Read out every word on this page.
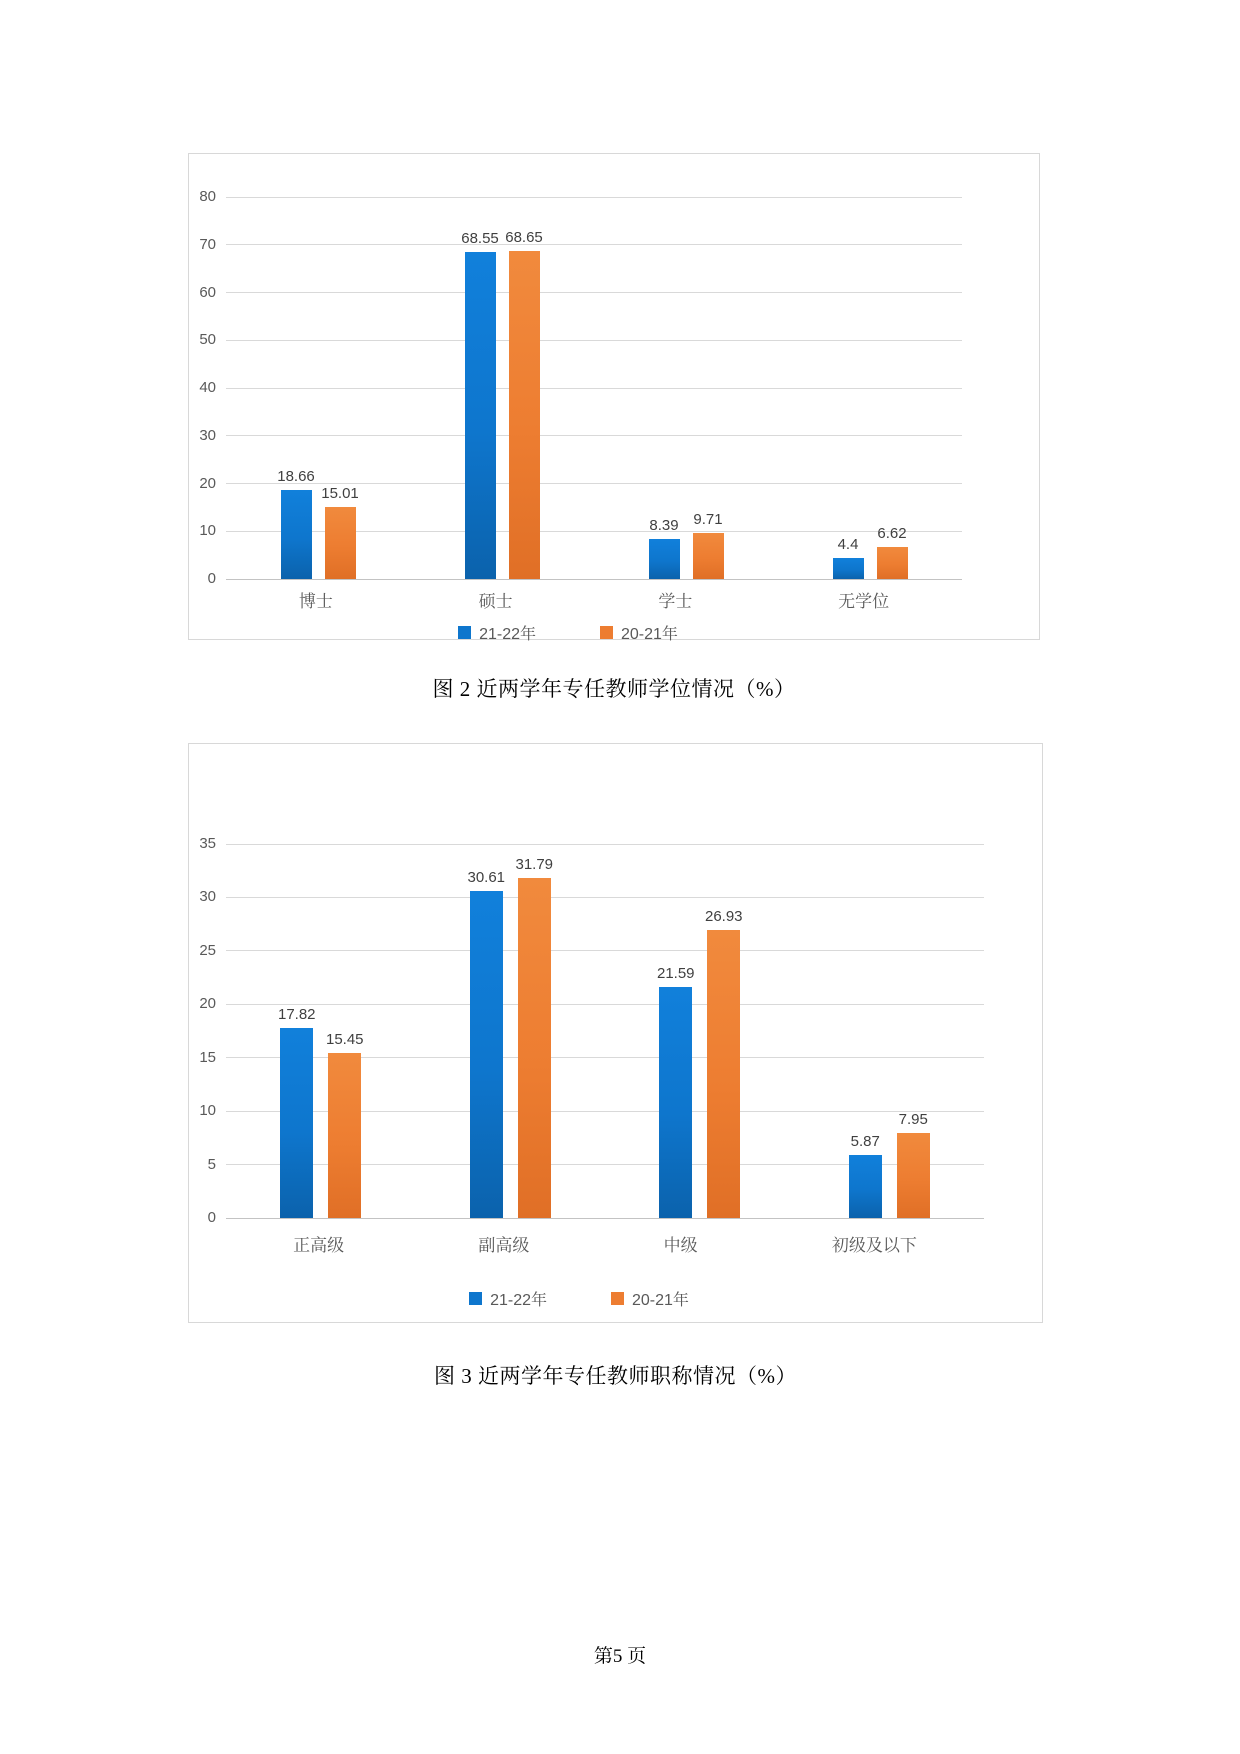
80
70
60
50
40
30
20
10
0
18.66
15.01
68.55 68.65
8.39 9.71
4.4
6.62
博士	硕士	学士	无学位
21-22年	20-21年
图 2 近两学年专任教师学位情况（%）
35
30
25
20
15
10
5
0
17.82
15.45
30.61
31.79
21.59
26.93
5.87
7.95
正高级	副高级	中级	初级及以下
21-22年	20-21年
图 3 近两学年专任教师职称情况（%）
第5 页
